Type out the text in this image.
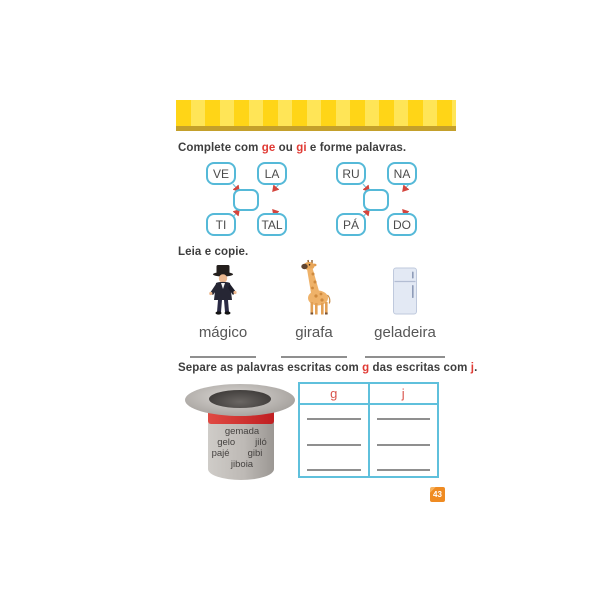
Complete com ge ou gi e forme palavras.

VE	LA
TI	TAL
RU	NA
PÁ	DO

Leia e copie.

mágico	girafa	geladeira

Separe as palavras escritas com g das escritas com j.

gemada
gelo jiló
pajé gibi
jiboia
g	j
43
